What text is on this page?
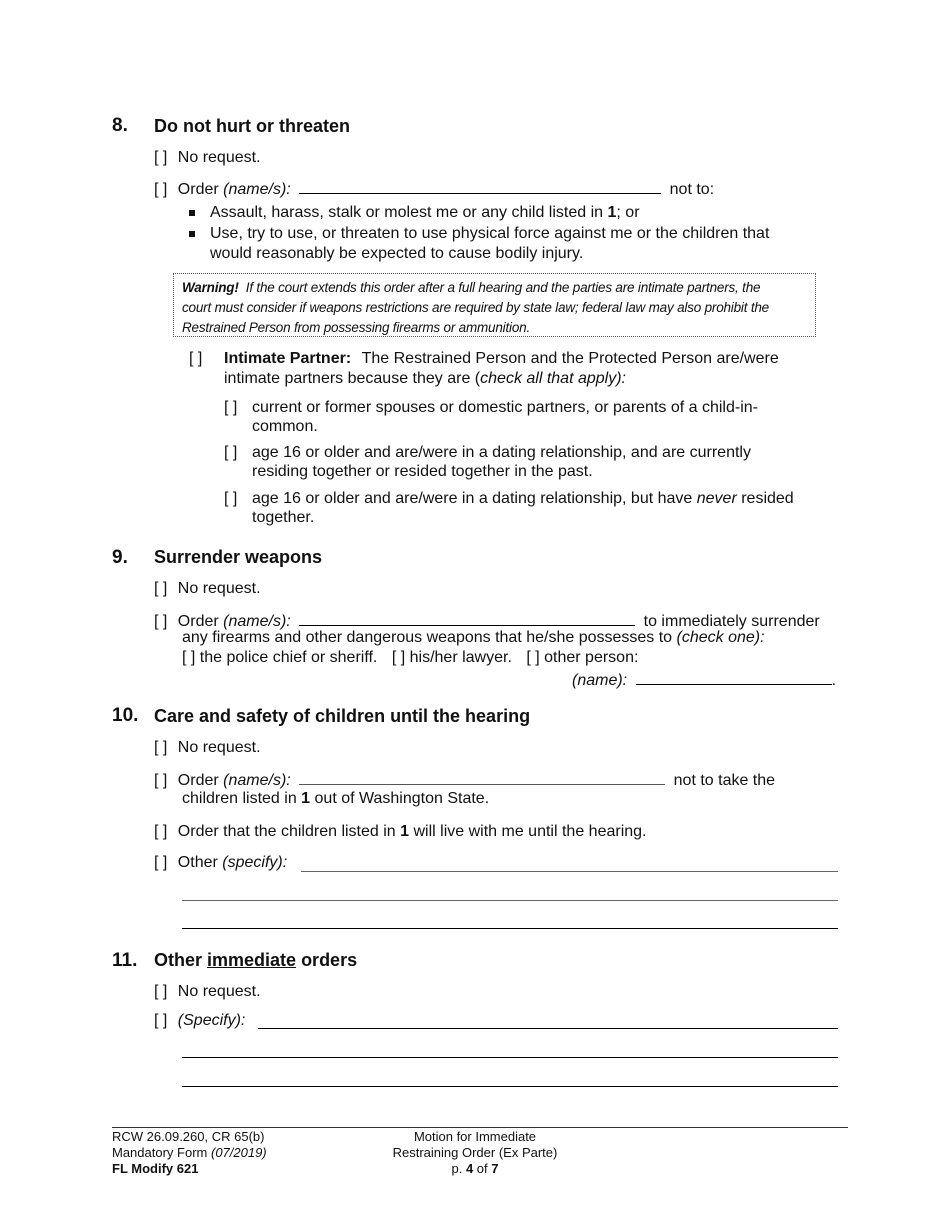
8. Do not hurt or threaten
[ ] No request.
[ ] Order (name/s):	not to:
Assault, harass, stalk or molest me or any child listed in 1; or
Use, try to use, or threaten to use physical force against me or the children that
would reasonably be expected to cause bodily injury.
Warning! If the court extends this order after a full hearing and the parties are intimate partners, the
court must consider if weapons restrictions are required by state law; federal law may also prohibit the
Restrained Person from possessing firearms or ammunition.
[ ] Intimate Partner: The Restrained Person and the Protected Person are/were
intimate partners because they are (check all that apply):
[ ] current or former spouses or domestic partners, or parents of a child-in-
common.
[ ] age 16 or older and are/were in a dating relationship, and are currently
residing together or resided together in the past.
[ ] age 16 or older and are/were in a dating relationship, but have never resided
together.
9. Surrender weapons
[ ] No request.
[ ] Order (name/s):	to immediately surrender
any firearms and other dangerous weapons that he/she possesses to (check one):
[ ] the police chief or sheriff. [ ] his/her lawyer. [ ] other person:
(name):	.
10. Care and safety of children until the hearing
[ ] No request.
[ ] Order (name/s):	not to take the
children listed in 1 out of Washington State.
[ ] Order that the children listed in 1 will live with me until the hearing.
[ ] Other (specify):
11. Other immediate orders
[ ] No request.
[ ] (Specify):
RCW 26.09.260, CR 65(b)
Mandatory Form (07/2019)
FL Modify 621
Motion for Immediate
Restraining Order (Ex Parte)
p. 4 of 7
